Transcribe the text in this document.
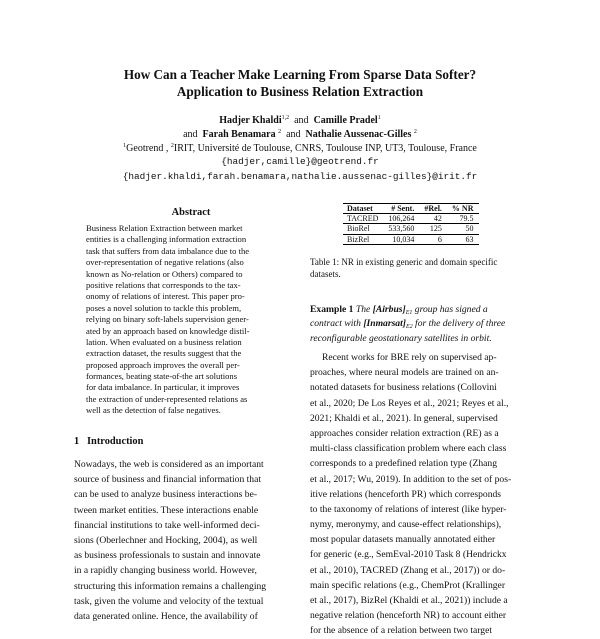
How Can a Teacher Make Learning From Sparse Data Softer?
Application to Business Relation Extraction
Hadjer Khaldi$^{1,2}$ and Camille Pradel$^1$
and Farah Benamara $^2$ and Nathalie Aussenac-Gilles $^2$
$^1$Geotrend , $^2$IRIT, Université de Toulouse, CNRS, Toulouse INP, UT3, Toulouse, France
{hadjer,camille}@geotrend.fr
{hadjer.khaldi,farah.benamara,nathalie.aussenac-gilles}@irit.fr
Abstract
Business Relation Extraction between market
entities is a challenging information extraction
task that suffers from data imbalance due to the
over-representation of negative relations (also
known as No-relation or Others) compared to
positive relations that corresponds to the tax-
onomy of relations of interest. This paper pro-
poses a novel solution to tackle this problem,
relying on binary soft-labels supervision gener-
ated by an approach based on knowledge distil-
lation. When evaluated on a business relation
extraction dataset, the results suggest that the
proposed approach improves the overall per-
formances, beating state-of-the art solutions
for data imbalance. In particular, it improves
the extraction of under-represented relations as
well as the detection of false negatives.
1 Introduction
Nowadays, the web is considered as an important
source of business and financial information that
can be used to analyze business interactions be-
tween market entities. These interactions enable
financial institutions to take well-informed deci-
sions (Oberlechner and Hocking, 2004), as well
as business professionals to sustain and innovate
in a rapidly changing business world. However,
structuring this information remains a challenging
task, given the volume and velocity of the textual
data generated online. Hence, the availability of
Dataset	# Sent.	#Rel.	% NR
TACRED	106,264	42	79.5
BioRel	533,560	125	50
BizRel	10,034	6	63
Table 1: NR in existing generic and domain specific
datasets.
Example 1 The $[Airbus]_{E1}$ group has signed a
contract with $[Inmarsat]_{E2}$ for the delivery of three
reconfigurable geostationary satellites in orbit.
Recent works for BRE rely on supervised ap-
proaches, where neural models are trained on an-
notated datasets for business relations (Collovini
et al., 2020; De Los Reyes et al., 2021; Reyes et al.,
2021; Khaldi et al., 2021). In general, supervised
approaches consider relation extraction (RE) as a
multi-class classification problem where each class
corresponds to a predefined relation type (Zhang
et al., 2017; Wu, 2019). In addition to the set of pos-
itive relations (henceforth PR) which corresponds
to the taxonomy of relations of interest (like hyper-
nymy, meronymy, and cause-effect relationships),
most popular datasets manually annotated either
for generic (e.g., SemEval-2010 Task 8 (Hendrickx
et al., 2010), TACRED (Zhang et al., 2017)) or do-
main specific relations (e.g., ChemProt (Krallinger
et al., 2017), BizRel (Khaldi et al., 2021)) include a
negative relation (henceforth NR) to account either
for the absence of a relation between two target
